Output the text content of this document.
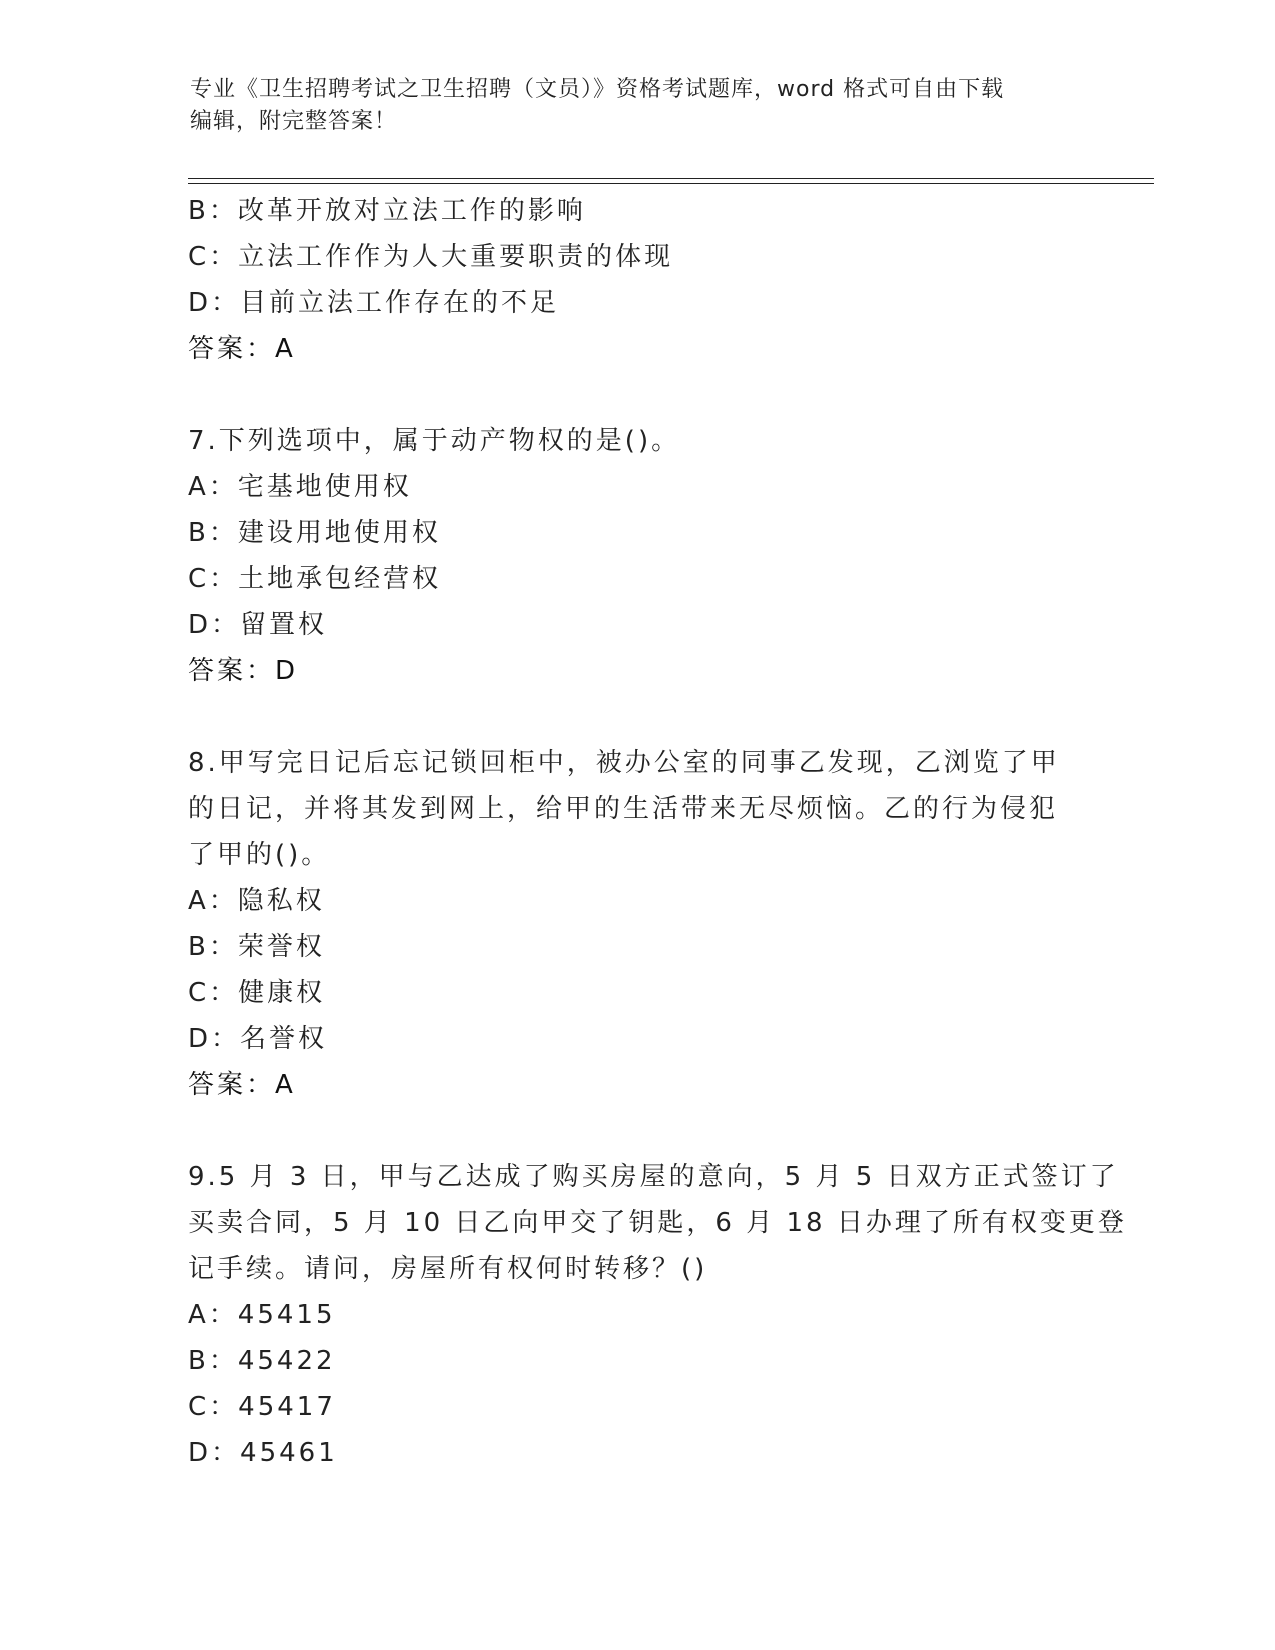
专业《卫生招聘考试之卫生招聘（文员）》资格考试题库，word 格式可自由下载

编辑，附完整答案！

B：改革开放对立法工作的影响
C：立法工作作为人大重要职责的体现
D：目前立法工作存在的不足
答案：A
7.下列选项中，属于动产物权的是()。
A：宅基地使用权
B：建设用地使用权
C：土地承包经营权
D：留置权
答案：D
8.甲写完日记后忘记锁回柜中，被办公室的同事乙发现，乙浏览了甲
的日记，并将其发到网上，给甲的生活带来无尽烦恼。乙的行为侵犯
了甲的()。
A：隐私权
B：荣誉权
C：健康权
D：名誉权
答案：A
9.5 月 3 日，甲与乙达成了购买房屋的意向，5 月 5 日双方正式签订了
买卖合同，5 月 10 日乙向甲交了钥匙，6 月 18 日办理了所有权变更登
记手续。请问，房屋所有权何时转移？()
A：45415
B：45422
C：45417
D：45461
